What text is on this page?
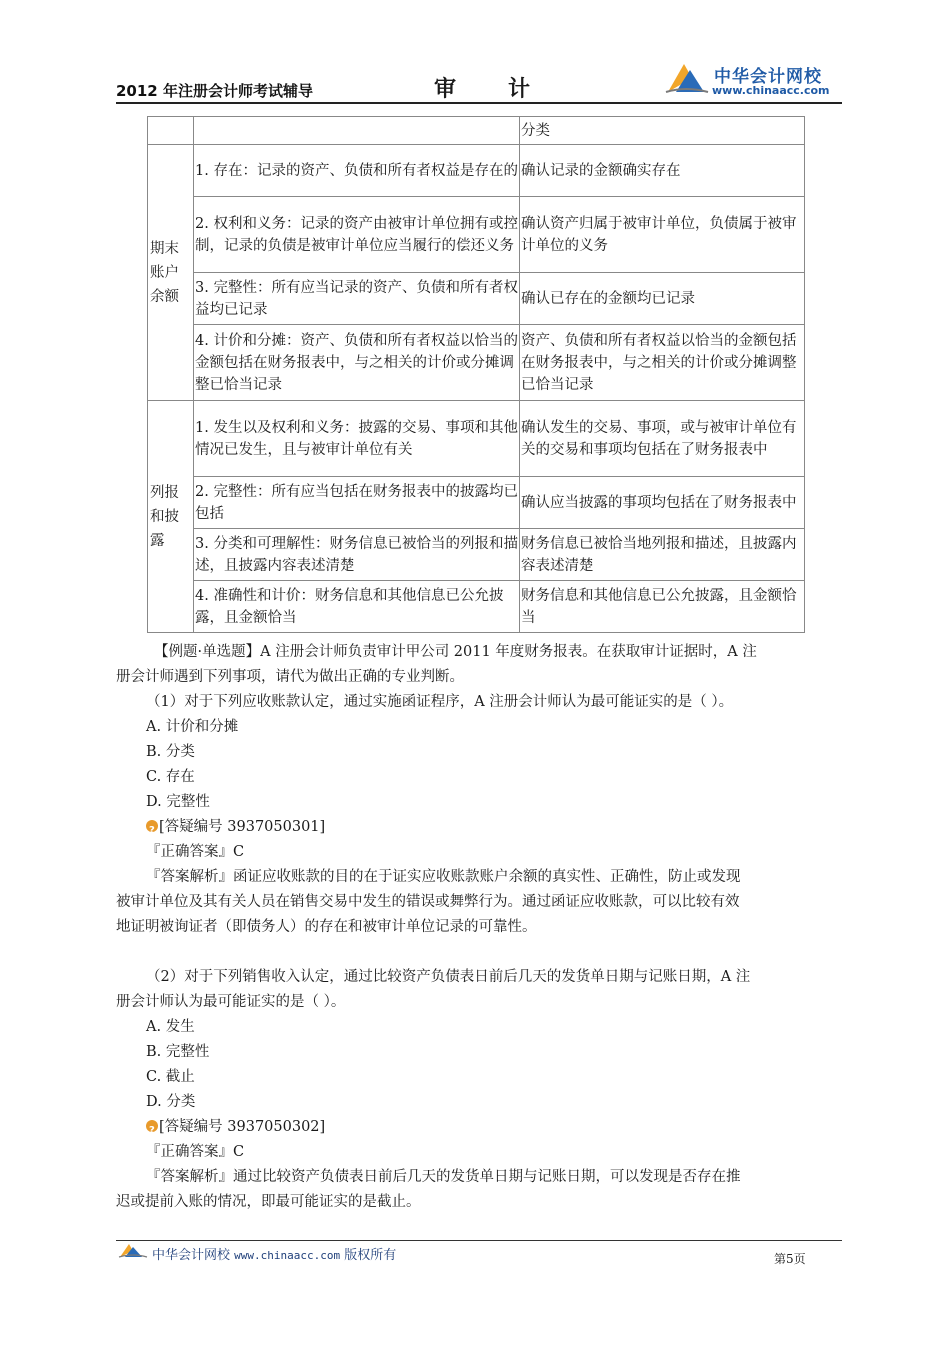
2012 年注册会计师考试辅导	审 计	中华会计网校
www.chinaacc.com
		分类
期末
账户
余额	1. 存在：记录的资产、负债和所有者权益是存在的	确认记录的金额确实存在
	2. 权利和义务：记录的资产由被审计单位拥有或控制，记录的负债是被审计单位应当履行的偿还义务	确认资产归属于被审计单位，负债属于被审计单位的义务
	3. 完整性：所有应当记录的资产、负债和所有者权益均已记录	确认已存在的金额均已记录
	4. 计价和分摊：资产、负债和所有者权益以恰当的金额包括在财务报表中，与之相关的计价或分摊调整已恰当记录	资产、负债和所有者权益以恰当的金额包括在财务报表中，与之相关的计价或分摊调整已恰当记录
列报
和披
露	1. 发生以及权利和义务：披露的交易、事项和其他情况已发生，且与被审计单位有关	确认发生的交易、事项，或与被审计单位有关的交易和事项均包括在了财务报表中
	2. 完整性：所有应当包括在财务报表中的披露均已包括	确认应当披露的事项均包括在了财务报表中
	3. 分类和可理解性：财务信息已被恰当的列报和描述，且披露内容表述清楚	财务信息已被恰当地列报和描述，且披露内容表述清楚
	4. 准确性和计价：财务信息和其他信息已公允披露，且金额恰当	财务信息和其他信息已公允披露，且金额恰当
【例题·单选题】A 注册会计师负责审计甲公司 2011 年度财务报表。在获取审计证据时，A 注
册会计师遇到下列事项，请代为做出正确的专业判断。
（1）对于下列应收账款认定，通过实施函证程序，A 注册会计师认为最可能证实的是（ ）。
A. 计价和分摊
B. 分类
C. 存在
D. 完整性
?[答疑编号 3937050301]
『正确答案』C
『答案解析』函证应收账款的目的在于证实应收账款账户余额的真实性、正确性，防止或发现
被审计单位及其有关人员在销售交易中发生的错误或舞弊行为。通过函证应收账款，可以比较有效
地证明被询证者（即债务人）的存在和被审计单位记录的可靠性。
（2）对于下列销售收入认定，通过比较资产负债表日前后几天的发货单日期与记账日期，A 注
册会计师认为最可能证实的是（ ）。
A. 发生
B. 完整性
C. 截止
D. 分类
?[答疑编号 3937050302]
『正确答案』C
『答案解析』通过比较资产负债表日前后几天的发货单日期与记账日期，可以发现是否存在推
迟或提前入账的情况，即最可能证实的是截止。
中华会计网校 www.chinaacc.com 版权所有	第5页
